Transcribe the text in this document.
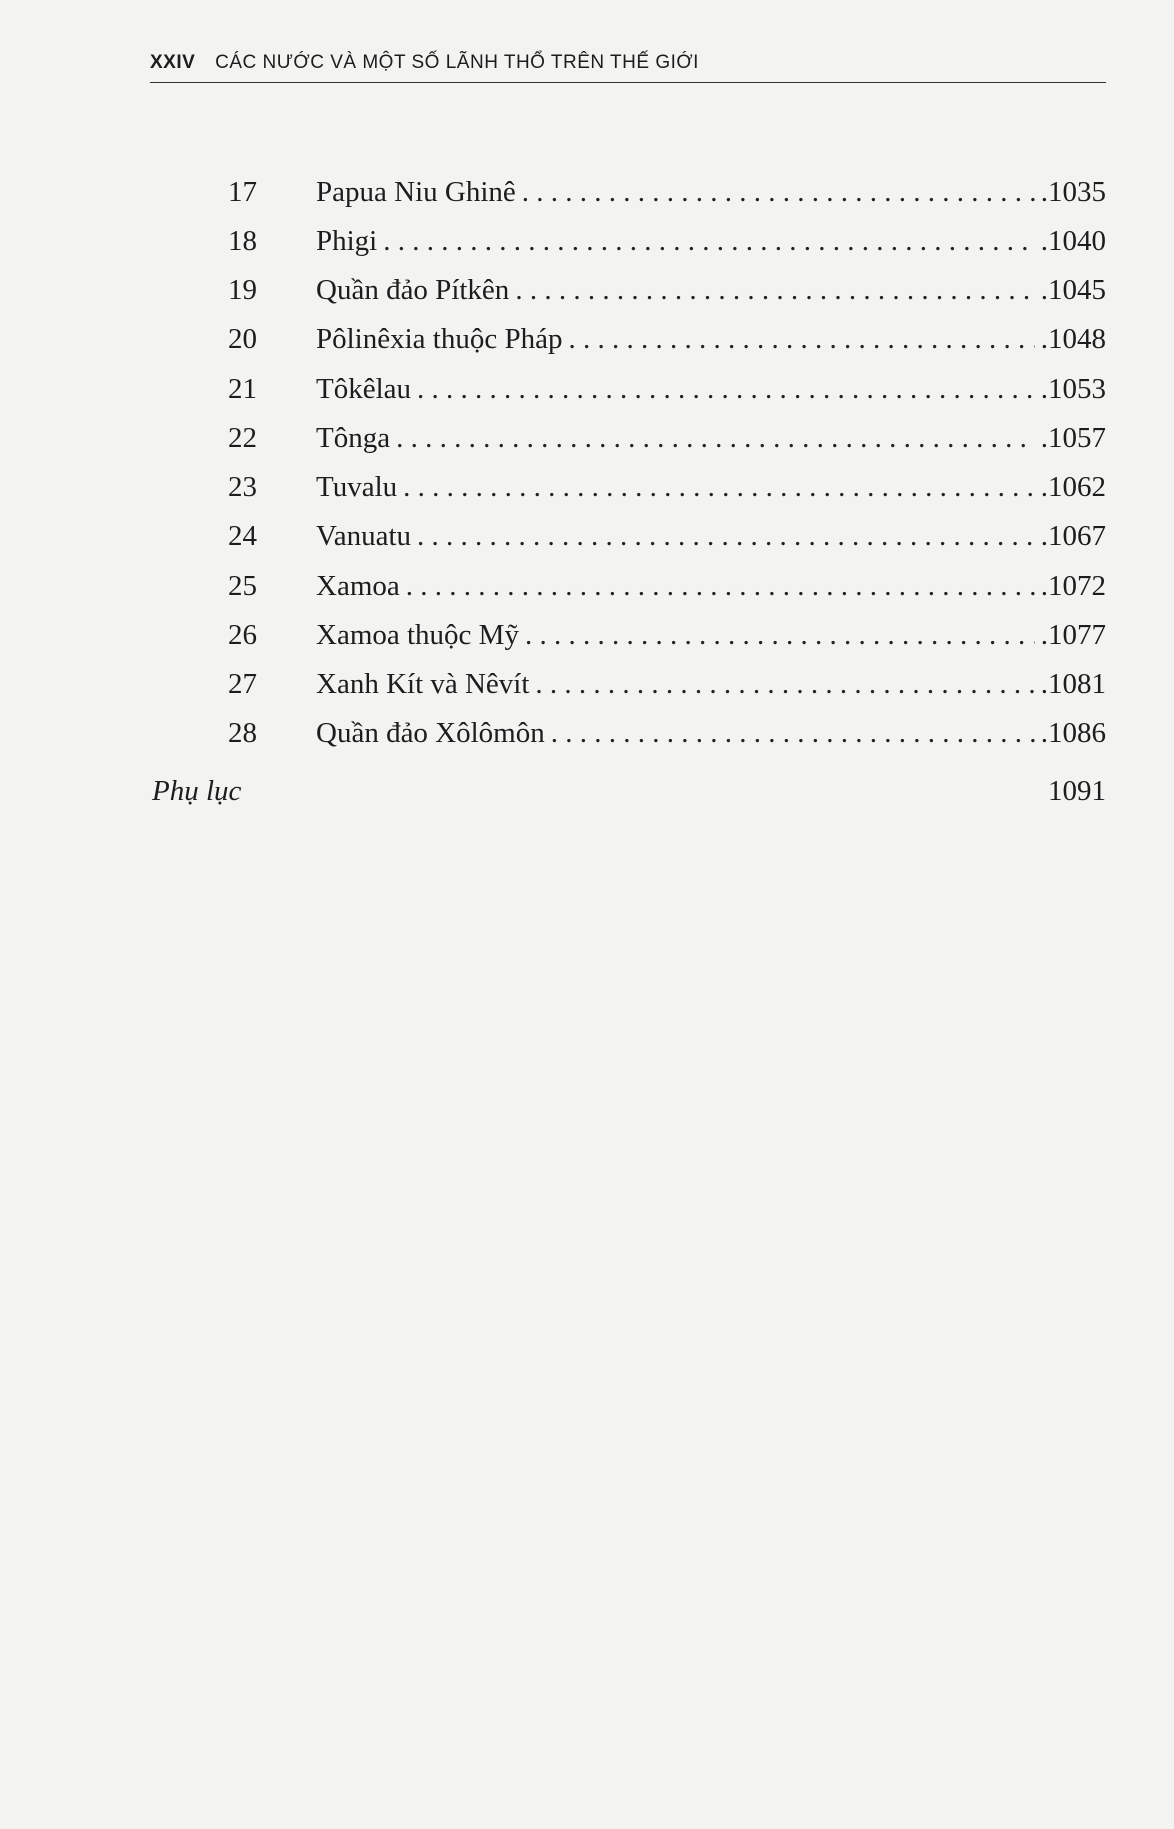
XXIV CÁC NƯỚC VÀ MỘT SỐ LÃNH THỔ TRÊN THẾ GIỚI
17	Papua Niu Ghinê . . .	.1035
18	Phigi . . .	.1040
19	Quần đảo Pítkên . . .	.1045
20	Pôlinêxia thuộc Pháp . . .	.1048
21	Tôkêlau . . .	.1053
22	Tônga . . .	.1057
23	Tuvalu . . .	.1062
24	Vanuatu . . .	.1067
25	Xamoa . . .	.1072
26	Xamoa thuộc Mỹ . . .	.1077
27	Xanh Kít và Nêvít . . .	.1081
28	Quần đảo Xôlômôn . . .	.1086
Phụ lục	1091
